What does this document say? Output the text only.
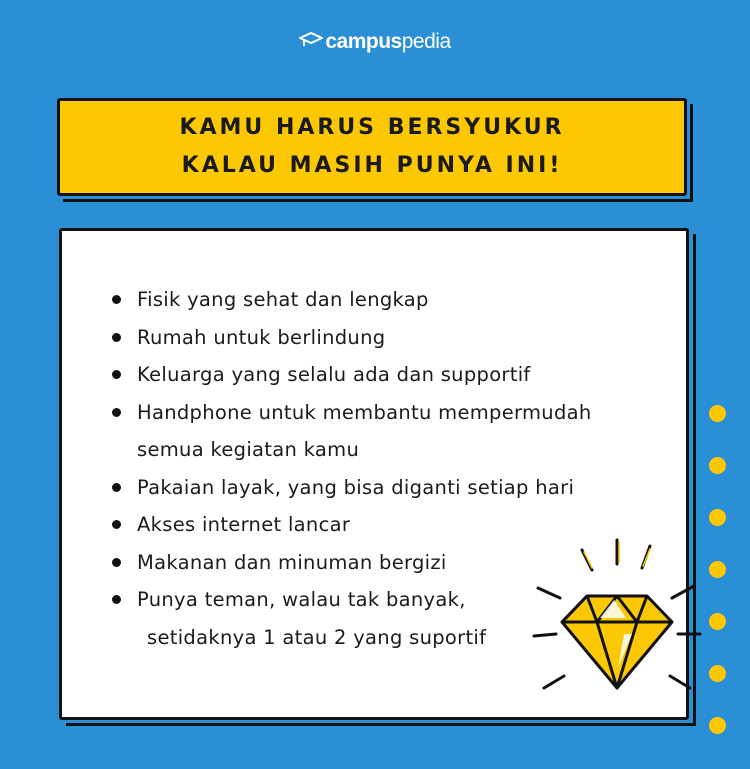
campuspedia
KAMU HARUS BERSYUKUR
KALAU MASIH PUNYA INI!
Fisik yang sehat dan lengkap
Rumah untuk berlindung
Keluarga yang selalu ada dan supportif
Handphone untuk membantu mempermudah
semua kegiatan kamu
Pakaian layak, yang bisa diganti setiap hari
Akses internet lancar
Makanan dan minuman bergizi
Punya teman, walau tak banyak,
setidaknya 1 atau 2 yang suportif
